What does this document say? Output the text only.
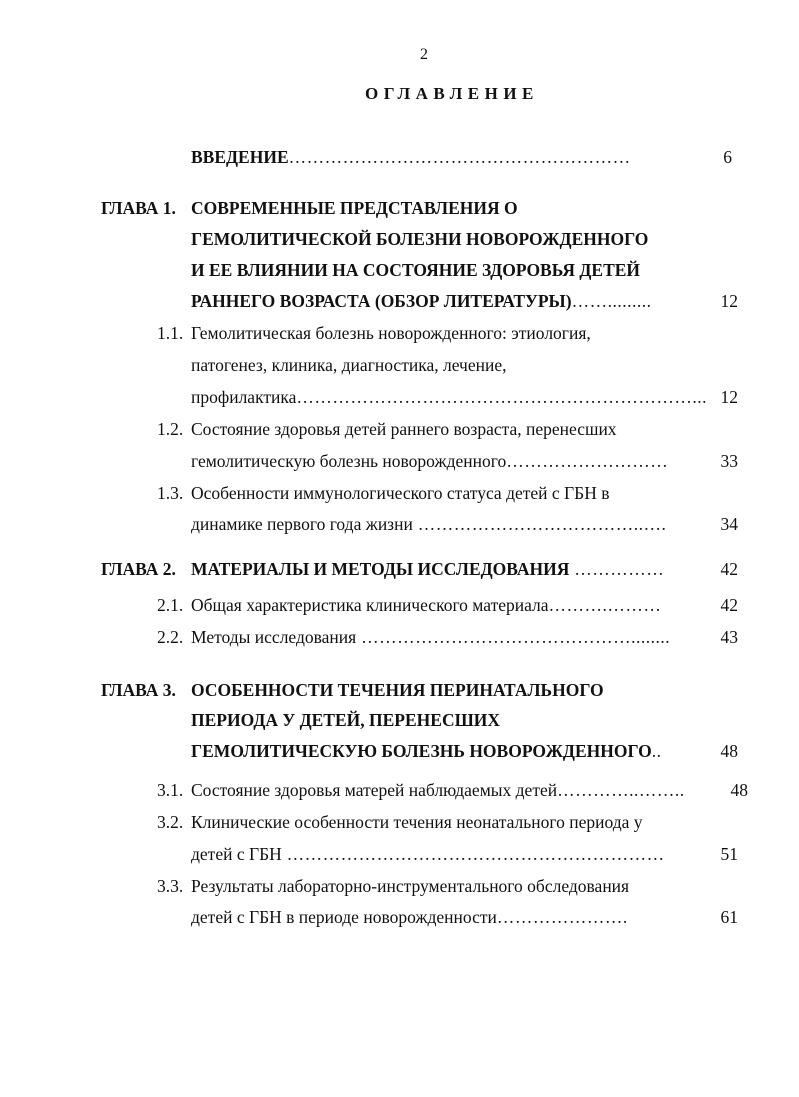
2
ОГЛАВЛЕНИЕ
ВВЕДЕНИЕ…………………………………………………	6
ГЛАВА 1. СОВРЕМЕННЫЕ ПРЕДСТАВЛЕНИЯ О
ГЕМОЛИТИЧЕСКОЙ БОЛЕЗНИ НОВОРОЖДЕННОГО
И ЕЕ ВЛИЯНИИ НА СОСТОЯНИЕ ЗДОРОВЬЯ ДЕТЕЙ
РАННЕГО ВОЗРАСТА (ОБЗОР ЛИТЕРАТУРЫ)…….........	12
1.1. Гемолитическая болезнь новорожденного: этиология,
патогенез, клиника, диагностика, лечение,
профилактика…………………………………………………………... 12
1.2. Состояние здоровья детей раннего возраста, перенесших
гемолитическую болезнь новорожденного………………………	33
1.3. Особенности иммунологического статуса детей с ГБН в
динамике первого года жизни ………………………………..….	34
ГЛАВА 2. МАТЕРИАЛЫ И МЕТОДЫ ИССЛЕДОВАНИЯ ……………	42
2.1. Общая характеристика клинического материала……….………	42
2.2. Методы исследования ………………………………………........	43
ГЛАВА 3. ОСОБЕННОСТИ ТЕЧЕНИЯ ПЕРИНАТАЛЬНОГО
ПЕРИОДА У ДЕТЕЙ, ПЕРЕНЕСШИХ
ГЕМОЛИТИЧЕСКУЮ БОЛЕЗНЬ НОВОРОЖДЕННОГО..	48
3.1. Состояние здоровья матерей наблюдаемых детей…………..……..	48
3.2. Клинические особенности течения неонатального периода у
детей с ГБН ………………………………………………………	51
3.3. Результаты лабораторно-инструментального обследования
детей с ГБН в периоде новорожденности………………….	61
